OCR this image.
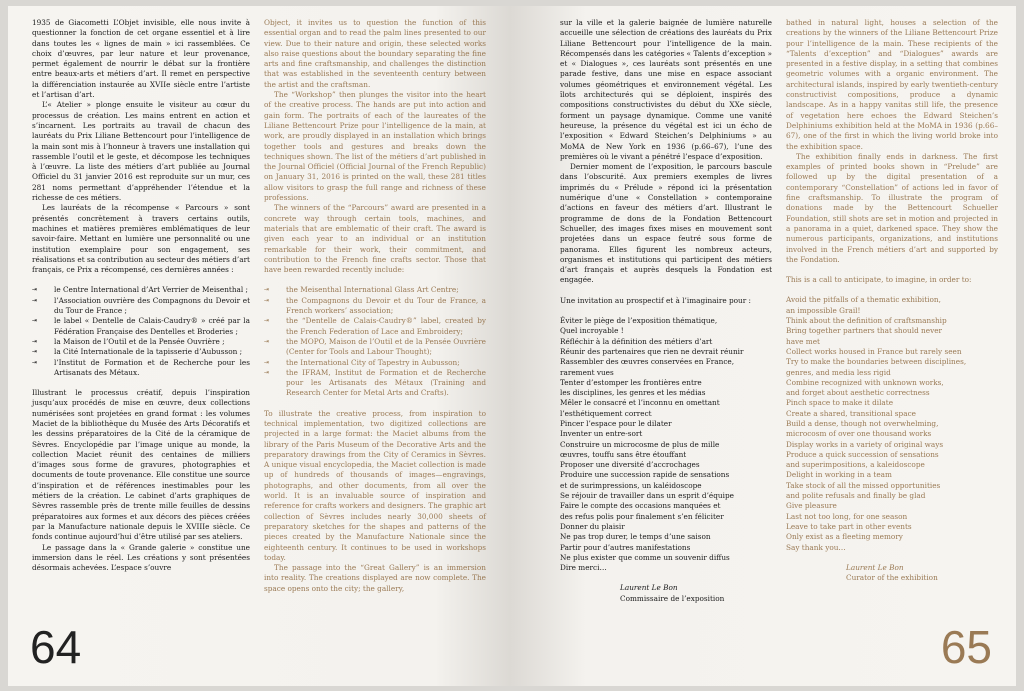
1935 de Giacometti L’Objet invisible, elle nous invite à questionner la fonction de cet organe essentiel et à lire dans toutes les « lignes de main » ici rassemblées. Ce choix d’œuvres, par leur nature et leur provenance, permet également de nourrir le débat sur la frontière entre beaux-arts et métiers d’art. Il remet en perspective la différenciation instaurée au XVIIe siècle entre l’artiste et l’artisan d’art.

L’« Atelier » plonge ensuite le visiteur au cœur du processus de création. Les mains entrent en action et s’incarnent. Les portraits au travail de chacun des lauréats du Prix Liliane Bettencourt pour l’intelligence de la main sont mis à l’honneur à travers une installation qui rassemble l’outil et le geste, et décompose les techniques à l’œuvre. La liste des métiers d’art publiée au Journal Officiel du 31 janvier 2016 est reproduite sur un mur, ces 281 noms permettant d’appréhender l’étendue et la richesse de ces métiers.

Les lauréats de la récompense « Parcours » sont présentés concrètement à travers certains outils, machines et matières premières emblématiques de leur savoir-faire. Mettant en lumière une personnalité ou une institution exemplaire pour son engagement, ses réalisations et sa contribution au secteur des métiers d’art français, ce Prix a récompensé, ces dernières années :

⇥ le Centre International d’Art Verrier de Meisenthal ;
⇥ l’Association ouvrière des Compagnons du Devoir et du Tour de France ;
⇥ le label « Dentelle de Calais-Caudry® » créé par la Fédération Française des Dentelles et Broderies ;
⇥ la Maison de l’Outil et de la Pensée Ouvrière ;
⇥ la Cité Internationale de la tapisserie d’Aubusson ;
⇥ l’Institut de Formation et de Recherche pour les Artisanats des Métaux.

Illustrant le processus créatif, depuis l’inspiration jusqu’aux procédés de mise en œuvre, deux collections numérisées sont projetées en grand format : les volumes Maciet de la bibliothèque du Musée des Arts Décoratifs et les dessins préparatoires de la Cité de la céramique de Sèvres. Encyclopédie par l’image unique au monde, la collection Maciet réunit des centaines de milliers d’images sous forme de gravures, photographies et documents de toute provenance. Elle constitue une source d’inspiration et de références inestimables pour les métiers de la création. Le cabinet d’arts graphiques de Sèvres rassemble près de trente mille feuilles de dessins préparatoires aux formes et aux décors des pièces créées par la Manufacture nationale depuis le XVIIIe siècle. Ce fonds continue aujourd’hui d’être utilisé par ses ateliers.

Le passage dans la « Grande galerie » constitue une immersion dans le réel. Les créations y sont présentées désormais achevées. L’espace s’ouvre

Object, it invites us to question the function of this essential organ and to read the palm lines presented to our view. Due to their nature and origin, these selected works also raise questions about the boundary separating the fine arts and fine craftsmanship, and challenges the distinction that was established in the seventeenth century between the artist and the craftsman.

The “Workshop” then plunges the visitor into the heart of the creative process. The hands are put into action and gain form. The portraits of each of the laureates of the Liliane Bettencourt Prize pour l’intelligence de la main, at work, are proudly displayed in an installation which brings together tools and gestures and breaks down the techniques shown. The list of the métiers d’art published in the Journal Officiel (Official Journal of the French Republic) on January 31, 2016 is printed on the wall, these 281 titles allow visitors to grasp the full range and richness of these professions.

The winners of the “Parcours” award are presented in a concrete way through certain tools, machines, and materials that are emblematic of their craft. The award is given each year to an individual or an institution remarkable for their work, their commitment, and contribution to the French fine crafts sector. Those that have been rewarded recently include:

⇥ the Meisenthal International Glass Art Centre;
⇥ the Compagnons du Devoir et du Tour de France, a French workers’ association;
⇥ the “Dentelle de Calais-Caudry®” label, created by the French Federation of Lace and Embroidery;
⇥ the MOPO, Maison de l’Outil et de la Pensée Ouvrière (Center for Tools and Labour Thought);
⇥ the International City of Tapestry in Aubusson;
⇥ the IFRAM, Institut de Formation et de Recherche pour les Artisanats des Métaux (Training and Research Center for Metal Arts and Crafts).

To illustrate the creative process, from inspiration to technical implementation, two digitized collections are projected in a large format: the Maciet albums from the library of the Paris Museum of the Decorative Arts and the preparatory drawings from the City of Ceramics in Sèvres. A unique visual encyclopedia, the Maciet collection is made up of hundreds of thousands of images—engravings, photographs, and other documents, from all over the world. It is an invaluable source of inspiration and reference for crafts workers and designers. The graphic art collection of Sèvres includes nearly 30,000 sheets of preparatory sketches for the shapes and patterns of the pieces created by the Manufacture Nationale since the eighteenth century. It continues to be used in workshops today.

The passage into the “Great Gallery” is an immersion into reality. The creations displayed are now complete. The space opens onto the city; the gallery,

64

sur la ville et la galerie baignée de lumière naturelle accueille une sélection de créations des lauréats du Prix Liliane Bettencourt pour l’intelligence de la main. Récompensés dans les catégories « Talents d’exception » et « Dialogues », ces lauréats sont présentés en une parade festive, dans une mise en espace associant volumes géométriques et environnement végétal. Les îlots architecturés qui se déploient, inspirés des compositions constructivistes du début du XXe siècle, forment un paysage dynamique. Comme une vanité heureuse, la présence du végétal est ici un écho de l’exposition « Edward Steichen’s Delphiniums » au MoMA de New York en 1936 (p.66–67), l’une des premières où le vivant a pénétré l’espace d’exposition.

Dernier moment de l’exposition, le parcours bascule dans l’obscurité. Aux premiers exemples de livres imprimés du « Prélude » répond ici la présentation numérique d’une « Constellation » contemporaine d’actions en faveur des métiers d’art. Illustrant le programme de dons de la Fondation Bettencourt Schueller, des images fixes mises en mouvement sont projetées dans un espace feutré sous forme de panorama. Elles figurent les nombreux acteurs, organismes et institutions qui participent des métiers d’art français et auprès desquels la Fondation est engagée.

Une invitation au prospectif et à l’imaginaire pour :

Éviter le piège de l’exposition thématique,

Quel incroyable !

Réfléchir à la définition des métiers d’art

Réunir des partenaires que rien ne devrait réunir

Rassembler des œuvres conservées en France,

rarement vues

Tenter d’estomper les frontières entre

les disciplines, les genres et les médias

Mêler le consacré et l’inconnu en omettant

l’esthétiquement correct

Pincer l’espace pour le dilater

Inventer un entre-sort

Construire un microcosme de plus de mille

œuvres, touffu sans être étouffant

Proposer une diversité d’accrochages

Produire une succession rapide de sensations

et de surimpressions, un kaléidoscope

Se réjouir de travailler dans un esprit d’équipe

Faire le compte des occasions manquées et

des refus polis pour finalement s’en féliciter

Donner du plaisir

Ne pas trop durer, le temps d’une saison

Partir pour d’autres manifestations

Ne plus exister que comme un souvenir diffus

Dire merci…

Laurent Le Bon

Commissaire de l’exposition

bathed in natural light, houses a selection of the creations by the winners of the Liliane Bettencourt Prize pour l’intelligence de la main. These recipients of the “Talents d’exception” and “Dialogues” awards are presented in a festive display, in a setting that combines geometric volumes with a organic environment. The architectural islands, inspired by early twentieth-century constructivist compositions, produce a dynamic landscape. As in a happy vanitas still life, the presence of vegetation here echoes the Edward Steichen’s Delphiniums exhibition held at the MoMA in 1936 (p.66–67), one of the first in which the living world broke into the exhibition space.

The exhibition finally ends in darkness. The first examples of printed books shown in “Prelude” are followed up by the digital presentation of a contemporary “Constellation” of actions led in favor of fine craftsmanship. To illustrate the program of donations made by the Bettencourt Schueller Foundation, still shots are set in motion and projected in a panorama in a quiet, darkened space. They show the numerous participants, organizations, and institutions involved in the French métiers d’art and supported by the Fondation.

This is a call to anticipate, to imagine, in order to:

Avoid the pitfalls of a thematic exhibition,

an impossible Grail!

Think about the definition of craftsmanship

Bring together partners that should never

have met

Collect works housed in France but rarely seen

Try to make the boundaries between disciplines,

genres, and media less rigid

Combine recognized with unknown works,

and forget about aesthetic correctness

Pinch space to make it dilate

Create a shared, transitional space

Build a dense, though not overwhelming,

microcosm of over one thousand works

Display works in a variety of original ways

Produce a quick succession of sensations

and superimpositions, a kaleidoscope

Delight in working in a team

Take stock of all the missed opportunities

and polite refusals and finally be glad

Give pleasure

Last not too long, for one season

Leave to take part in other events

Only exist as a fleeting memory

Say thank you…

Laurent Le Bon

Curator of the exhibition

65
